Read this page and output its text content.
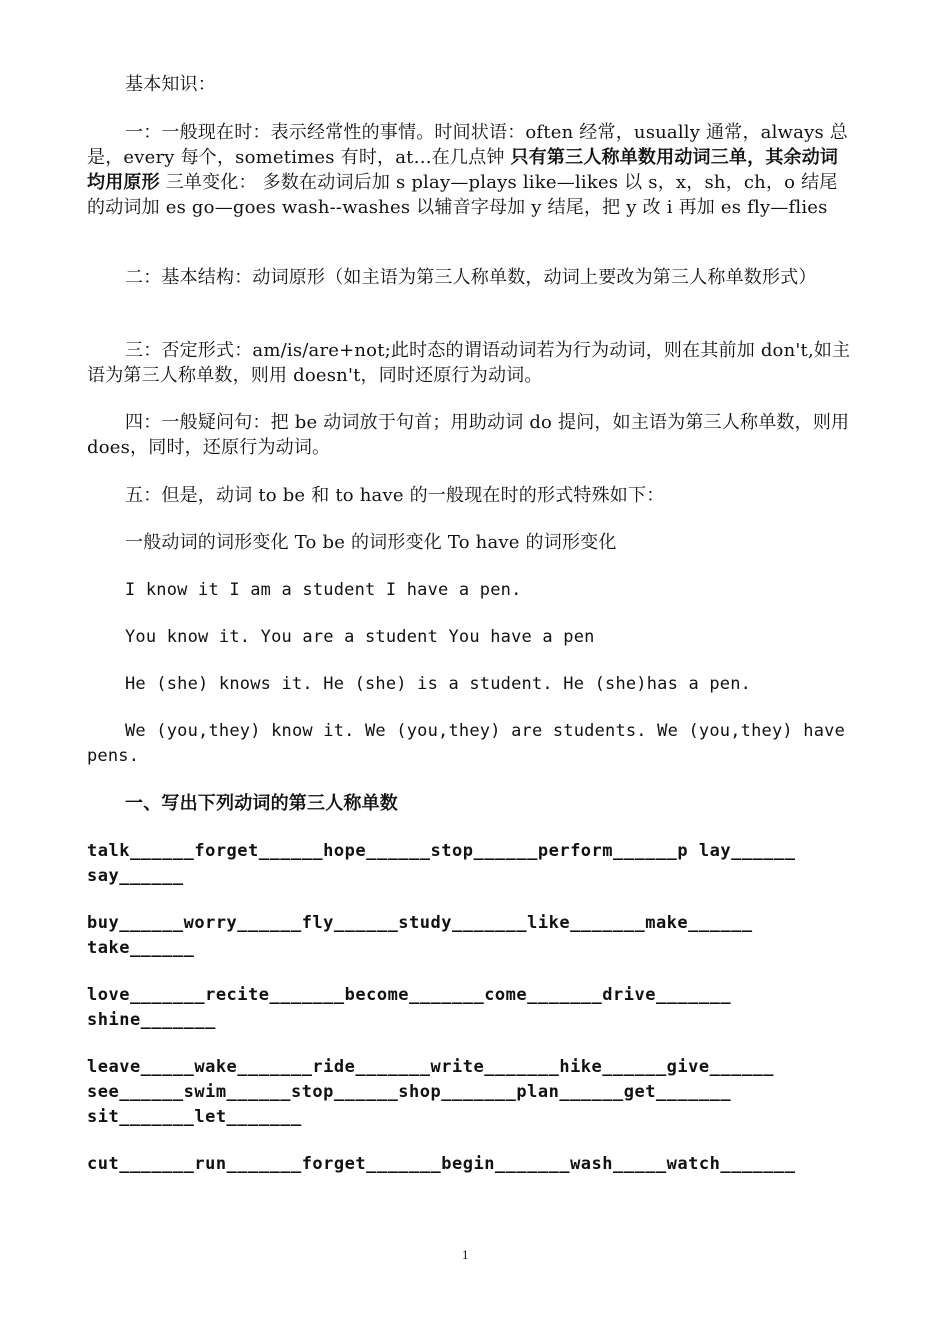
基本知识：
一：一般现在时：表示经常性的事情。时间状语：often 经常，usually 通常，always 总是，every 每个，sometimes 有时，at…在几点钟 只有第三人称单数用动词三单，其余动词均用原形 三单变化： 多数在动词后加 s play—plays like—likes 以 s，x，sh，ch，o 结尾的动词加 es go—goes wash--washes 以辅音字母加 y 结尾，把 y 改 i 再加 es fly—flies
二：基本结构：动词原形（如主语为第三人称单数，动词上要改为第三人称单数形式）
三：否定形式：am/is/are+not;此时态的谓语动词若为行为动词，则在其前加 don't,如主语为第三人称单数，则用 doesn't，同时还原行为动词。
四：一般疑问句：把 be 动词放于句首；用助动词 do 提问，如主语为第三人称单数，则用 does，同时，还原行为动词。
五：但是，动词 to be 和 to have 的一般现在时的形式特殊如下：
一般动词的词形变化 To be 的词形变化 To have 的词形变化
I know it I am a student I have a pen.
You know it. You are a student You have a pen
He (she) knows it. He (she) is a student. He (she)has a pen.
We (you,they) know it. We (you,they) are students. We (you,they) have pens.
一、写出下列动词的第三人称单数
talk______forget______hope______stop______perform______p lay______ say______
buy______worry______fly______study_______like_______make______ take______
love_______recite_______become_______come_______drive_______ shine_______
leave_____wake_______ride_______write_______hike______give______ see______swim______stop______shop_______plan______get_______ sit_______let_______
cut_______run_______forget_______begin_______wash_____watch_______
1
